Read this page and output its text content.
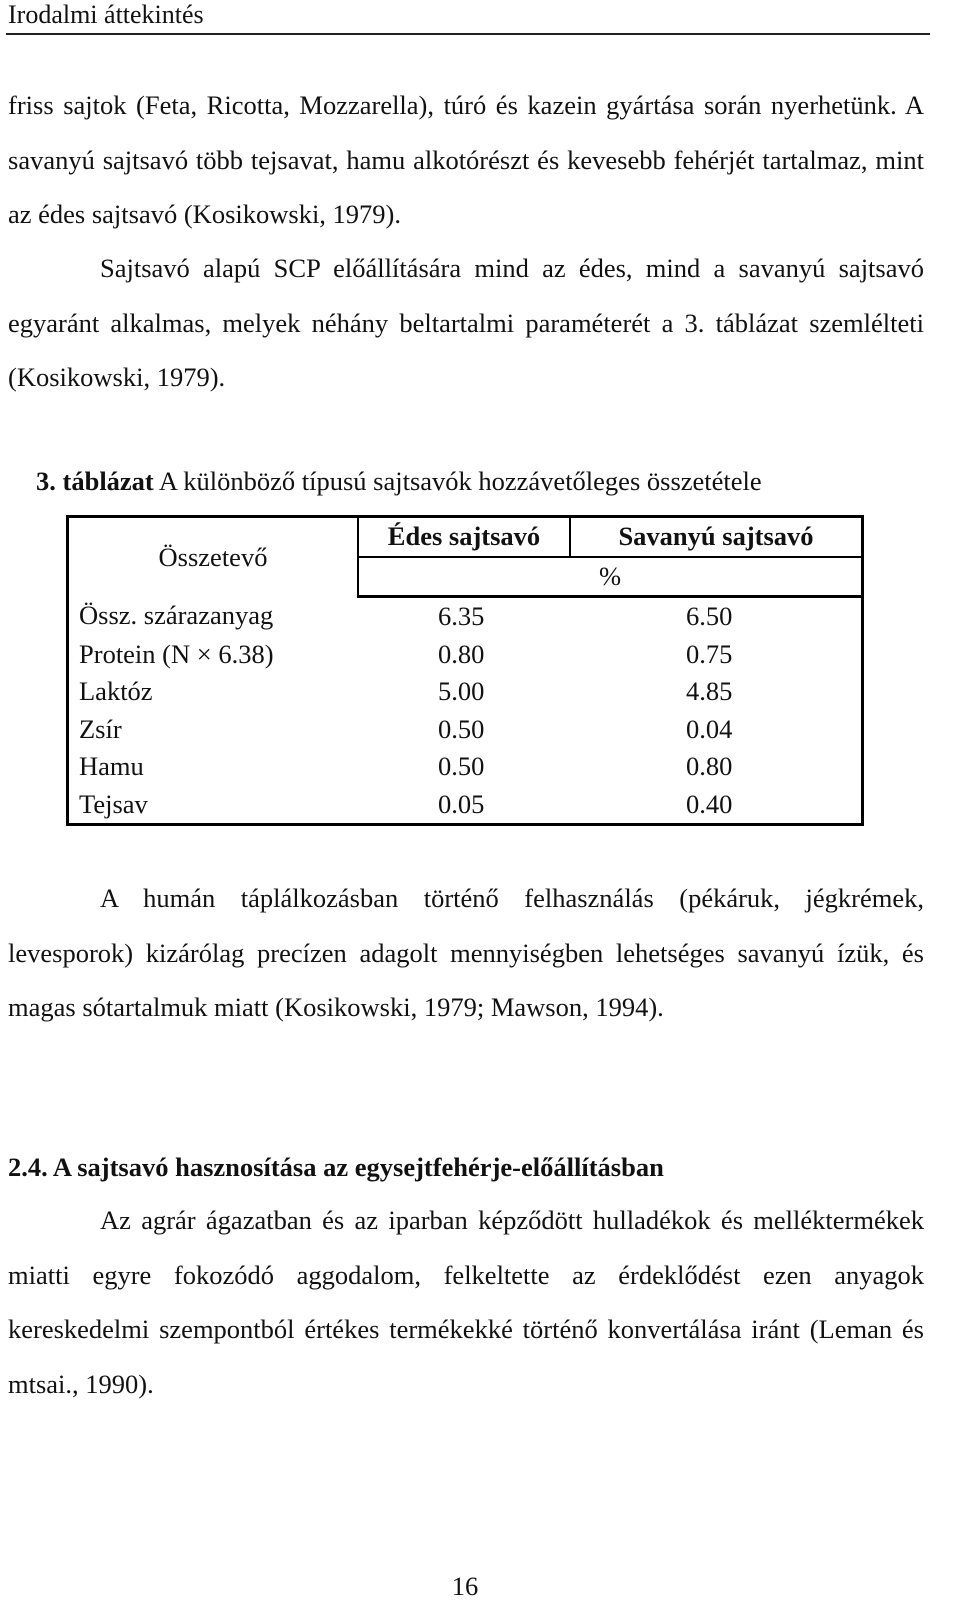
Irodalmi áttekintés

friss sajtok (Feta, Ricotta, Mozzarella), túró és kazein gyártása során nyerhetünk. A savanyú sajtsavó több tejsavat, hamu alkotórészt és kevesebb fehérjét tartalmaz, mint az édes sajtsavó (Kosikowski, 1979).

Sajtsavó alapú SCP előállítására mind az édes, mind a savanyú sajtsavó egyaránt alkalmas, melyek néhány beltartalmi paraméterét a 3. táblázat szemlélteti (Kosikowski, 1979).

3. táblázat A különböző típusú sajtsavók hozzávetőleges összetétele
Összetevő	Édes sajtsavó	Savanyú sajtsavó
	%	
Össz. szárazanyag	6.35	6.50
Protein (N × 6.38)	0.80	0.75
Laktóz	5.00	4.85
Zsír	0.50	0.04
Hamu	0.50	0.80
Tejsav	0.05	0.40

A humán táplálkozásban történő felhasználás (pékáruk, jégkrémek, levesporok) kizárólag precízen adagolt mennyiségben lehetséges savanyú ízük, és magas sótartalmuk miatt (Kosikowski, 1979; Mawson, 1994).

2.4. A sajtsavó hasznosítása az egysejtfehérje-előállításban

Az agrár ágazatban és az iparban képződött hulladékok és melléktermékek miatti egyre fokozódó aggodalom, felkeltette az érdeklődést ezen anyagok kereskedelmi szempontból értékes termékekké történő konvertálása iránt (Leman és mtsai., 1990).

16
